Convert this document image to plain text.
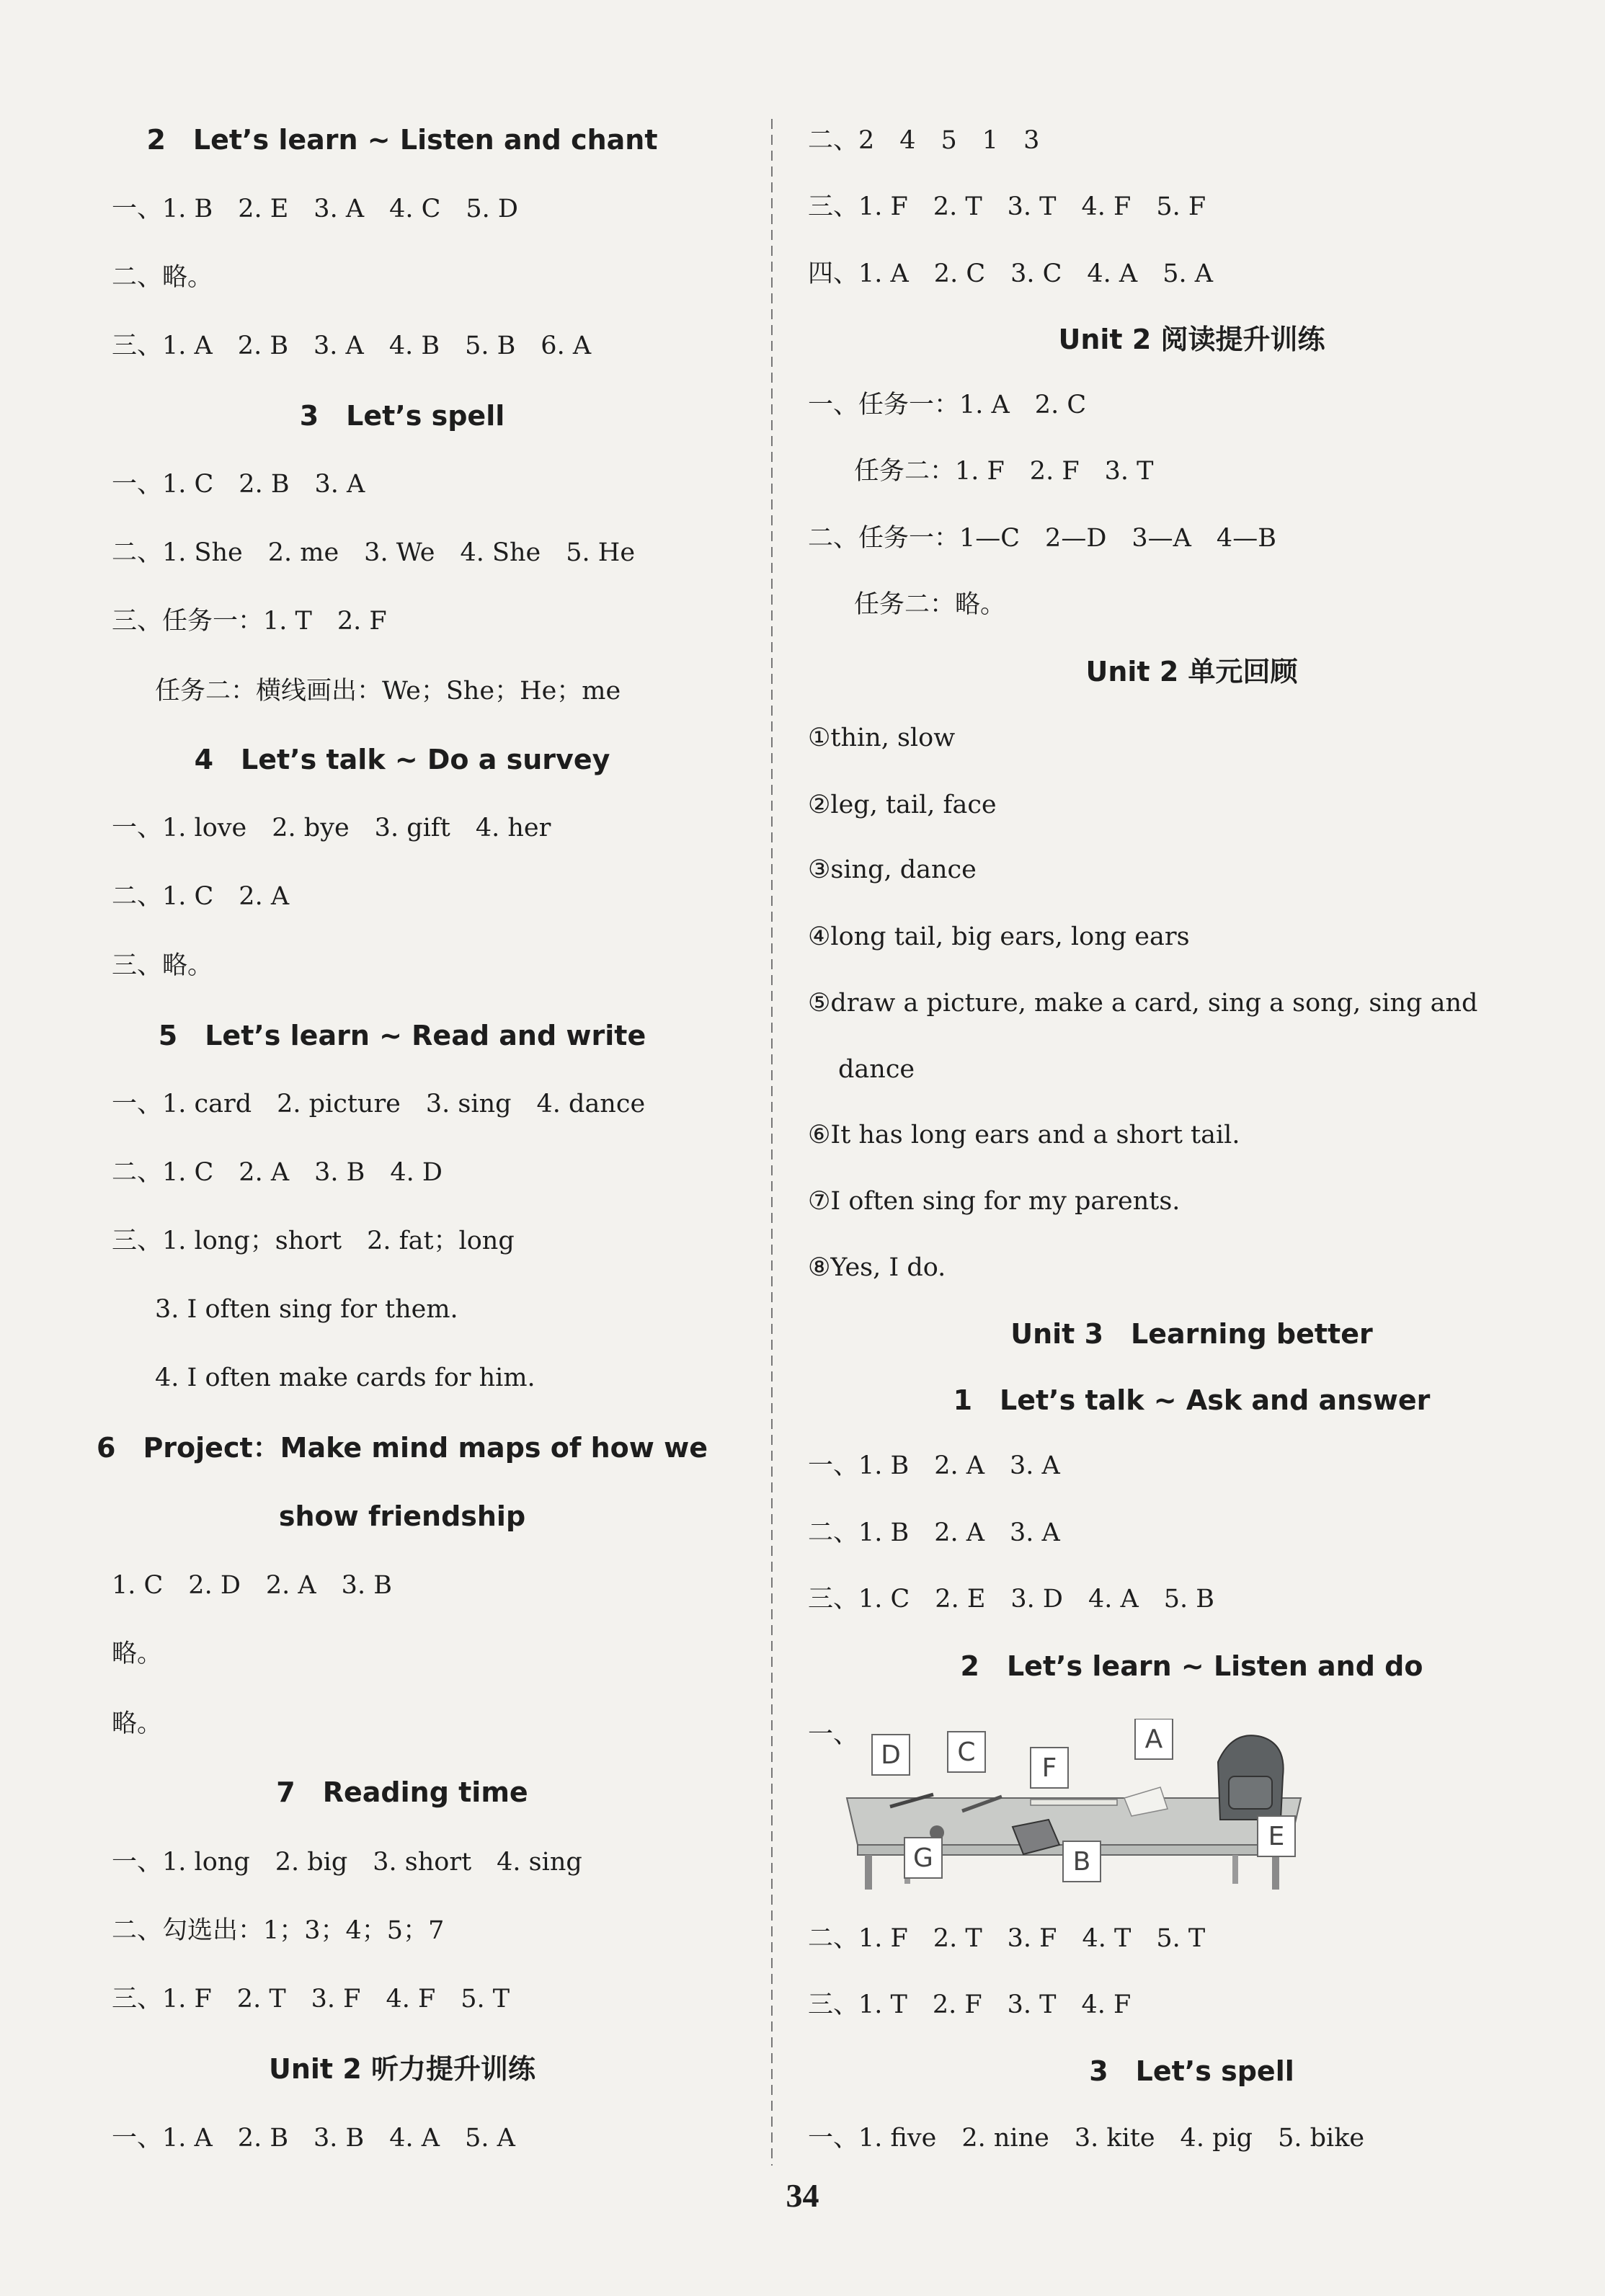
2　Let’s learn ~ Listen and chant
一、1. B　2. E　3. A　4. C　5. D
二、略。
三、1. A　2. B　3. A　4. B　5. B　6. A
3　Let’s spell
一、1. C　2. B　3. A
二、1. She　2. me　3. We　4. She　5. He
三、任务一：1. T　2. F
任务二：横线画出：We；She；He；me
4　Let’s talk ~ Do a survey
一、1. love　2. bye　3. gift　4. her
二、1. C　2. A
三、略。
5　Let’s learn ~ Read and write
一、1. card　2. picture　3. sing　4. dance
二、1. C　2. A　3. B　4. D
三、1. long；short　2. fat；long
3. I often sing for them.
4. I often make cards for him.
6　Project：Make mind maps of how we
show friendship
1. C　2. D　2. A　3. B
略。
略。
7　Reading time
一、1. long　2. big　3. short　4. sing
二、勾选出：1；3；4；5；7
三、1. F　2. T　3. F　4. F　5. T
Unit 2 听力提升训练
一、1. A　2. B　3. B　4. A　5. A
二、2　4　5　1　3
三、1. F　2. T　3. T　4. F　5. F
四、1. A　2. C　3. C　4. A　5. A
Unit 2 阅读提升训练
一、任务一：1. A　2. C
任务二：1. F　2. F　3. T
二、任务一：1—C　2—D　3—A　4—B
任务二：略。
Unit 2 单元回顾
①thin, slow
②leg, tail, face
③sing, dance
④long tail, big ears, long ears
⑤draw a picture, make a card, sing a song, sing and
dance
⑥It has long ears and a short tail.
⑦I often sing for my parents.
⑧Yes, I do.
Unit 3　Learning better
1　Let’s talk ~ Ask and answer
一、1. B　2. A　3. A
二、1. B　2. A　3. A
三、1. C　2. E　3. D　4. A　5. B
2　Let’s learn ~ Listen and do
一、
D C
F
A
E
G	B
二、1. F　2. T　3. F　4. T　5. T
三、1. T　2. F　3. T　4. F
3　Let’s spell
一、1. five　2. nine　3. kite　4. pig　5. bike
34
